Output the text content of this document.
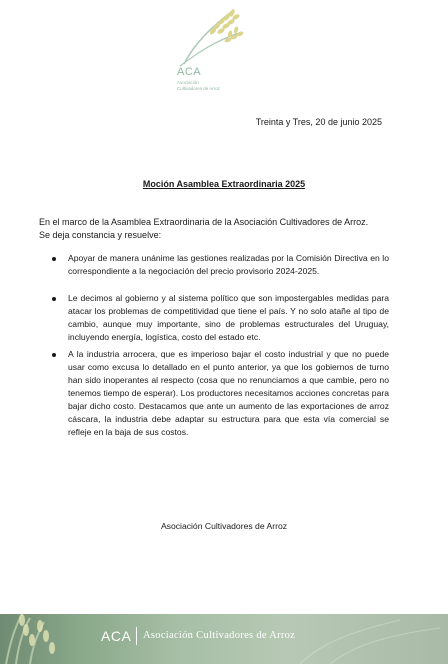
ACA
Asociación
Cultivadores de Arroz
Treinta y Tres, 20 de junio 2025
Moción Asamblea Extraordinaria 2025
En el marco de la Asamblea Extraordinaria de la Asociación Cultivadores de Arroz.
Se deja constancia y resuelve:
Apoyar de manera unánime las gestiones realizadas por la Comisión Directiva en lo correspondiente a la negociación del precio provisorio 2024-2025.
Le decimos al gobierno y al sistema político que son impostergables medidas para atacar los problemas de competitividad que tiene el país. Y no solo atañe al tipo de cambio, aunque muy importante, sino de problemas estructurales del Uruguay, incluyendo energía, logística, costo del estado etc.
A la industria arrocera, que es imperioso bajar el costo industrial y que no puede usar como excusa lo detallado en el punto anterior, ya que los gobiernos de turno han sido inoperantes al respecto (cosa que no renunciamos a que cambie, pero no tenemos tiempo de esperar). Los productores necesitamos acciones concretas para bajar dicho costo. Destacamos que ante un aumento de las exportaciones de arroz cáscara, la industria debe adaptar su estructura para que esta vía comercial se refleje en la baja de sus costos.
Asociación Cultivadores de Arroz
ACA Asociación Cultivadores de Arroz
